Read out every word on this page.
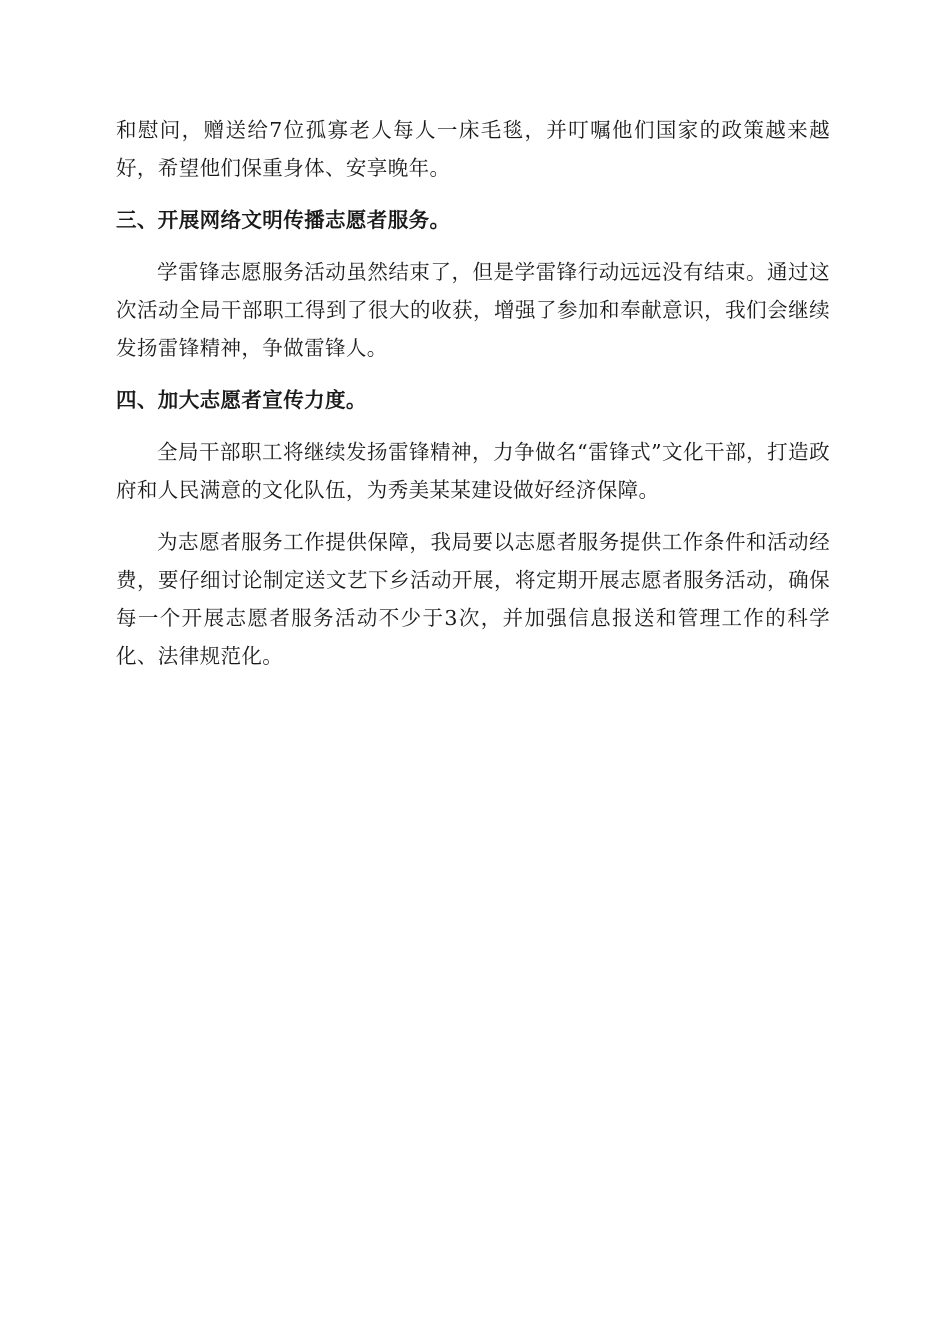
和慰问，赠送给7位孤寡老人每人一床毛毯，并叮嘱他们国家的政策越来越好，希望他们保重身体、安享晚年。

三、开展网络文明传播志愿者服务。

学雷锋志愿服务活动虽然结束了，但是学雷锋行动远远没有结束。通过这次活动全局干部职工得到了很大的收获，增强了参加和奉献意识，我们会继续发扬雷锋精神，争做雷锋人。

四、加大志愿者宣传力度。

全局干部职工将继续发扬雷锋精神，力争做名“雷锋式”文化干部，打造政府和人民满意的文化队伍，为秀美某某建设做好经济保障。

为志愿者服务工作提供保障，我局要以志愿者服务提供工作条件和活动经费，要仔细讨论制定送文艺下乡活动开展，将定期开展志愿者服务活动，确保每一个开展志愿者服务活动不少于3次，并加强信息报送和管理工作的科学化、法律规范化。
